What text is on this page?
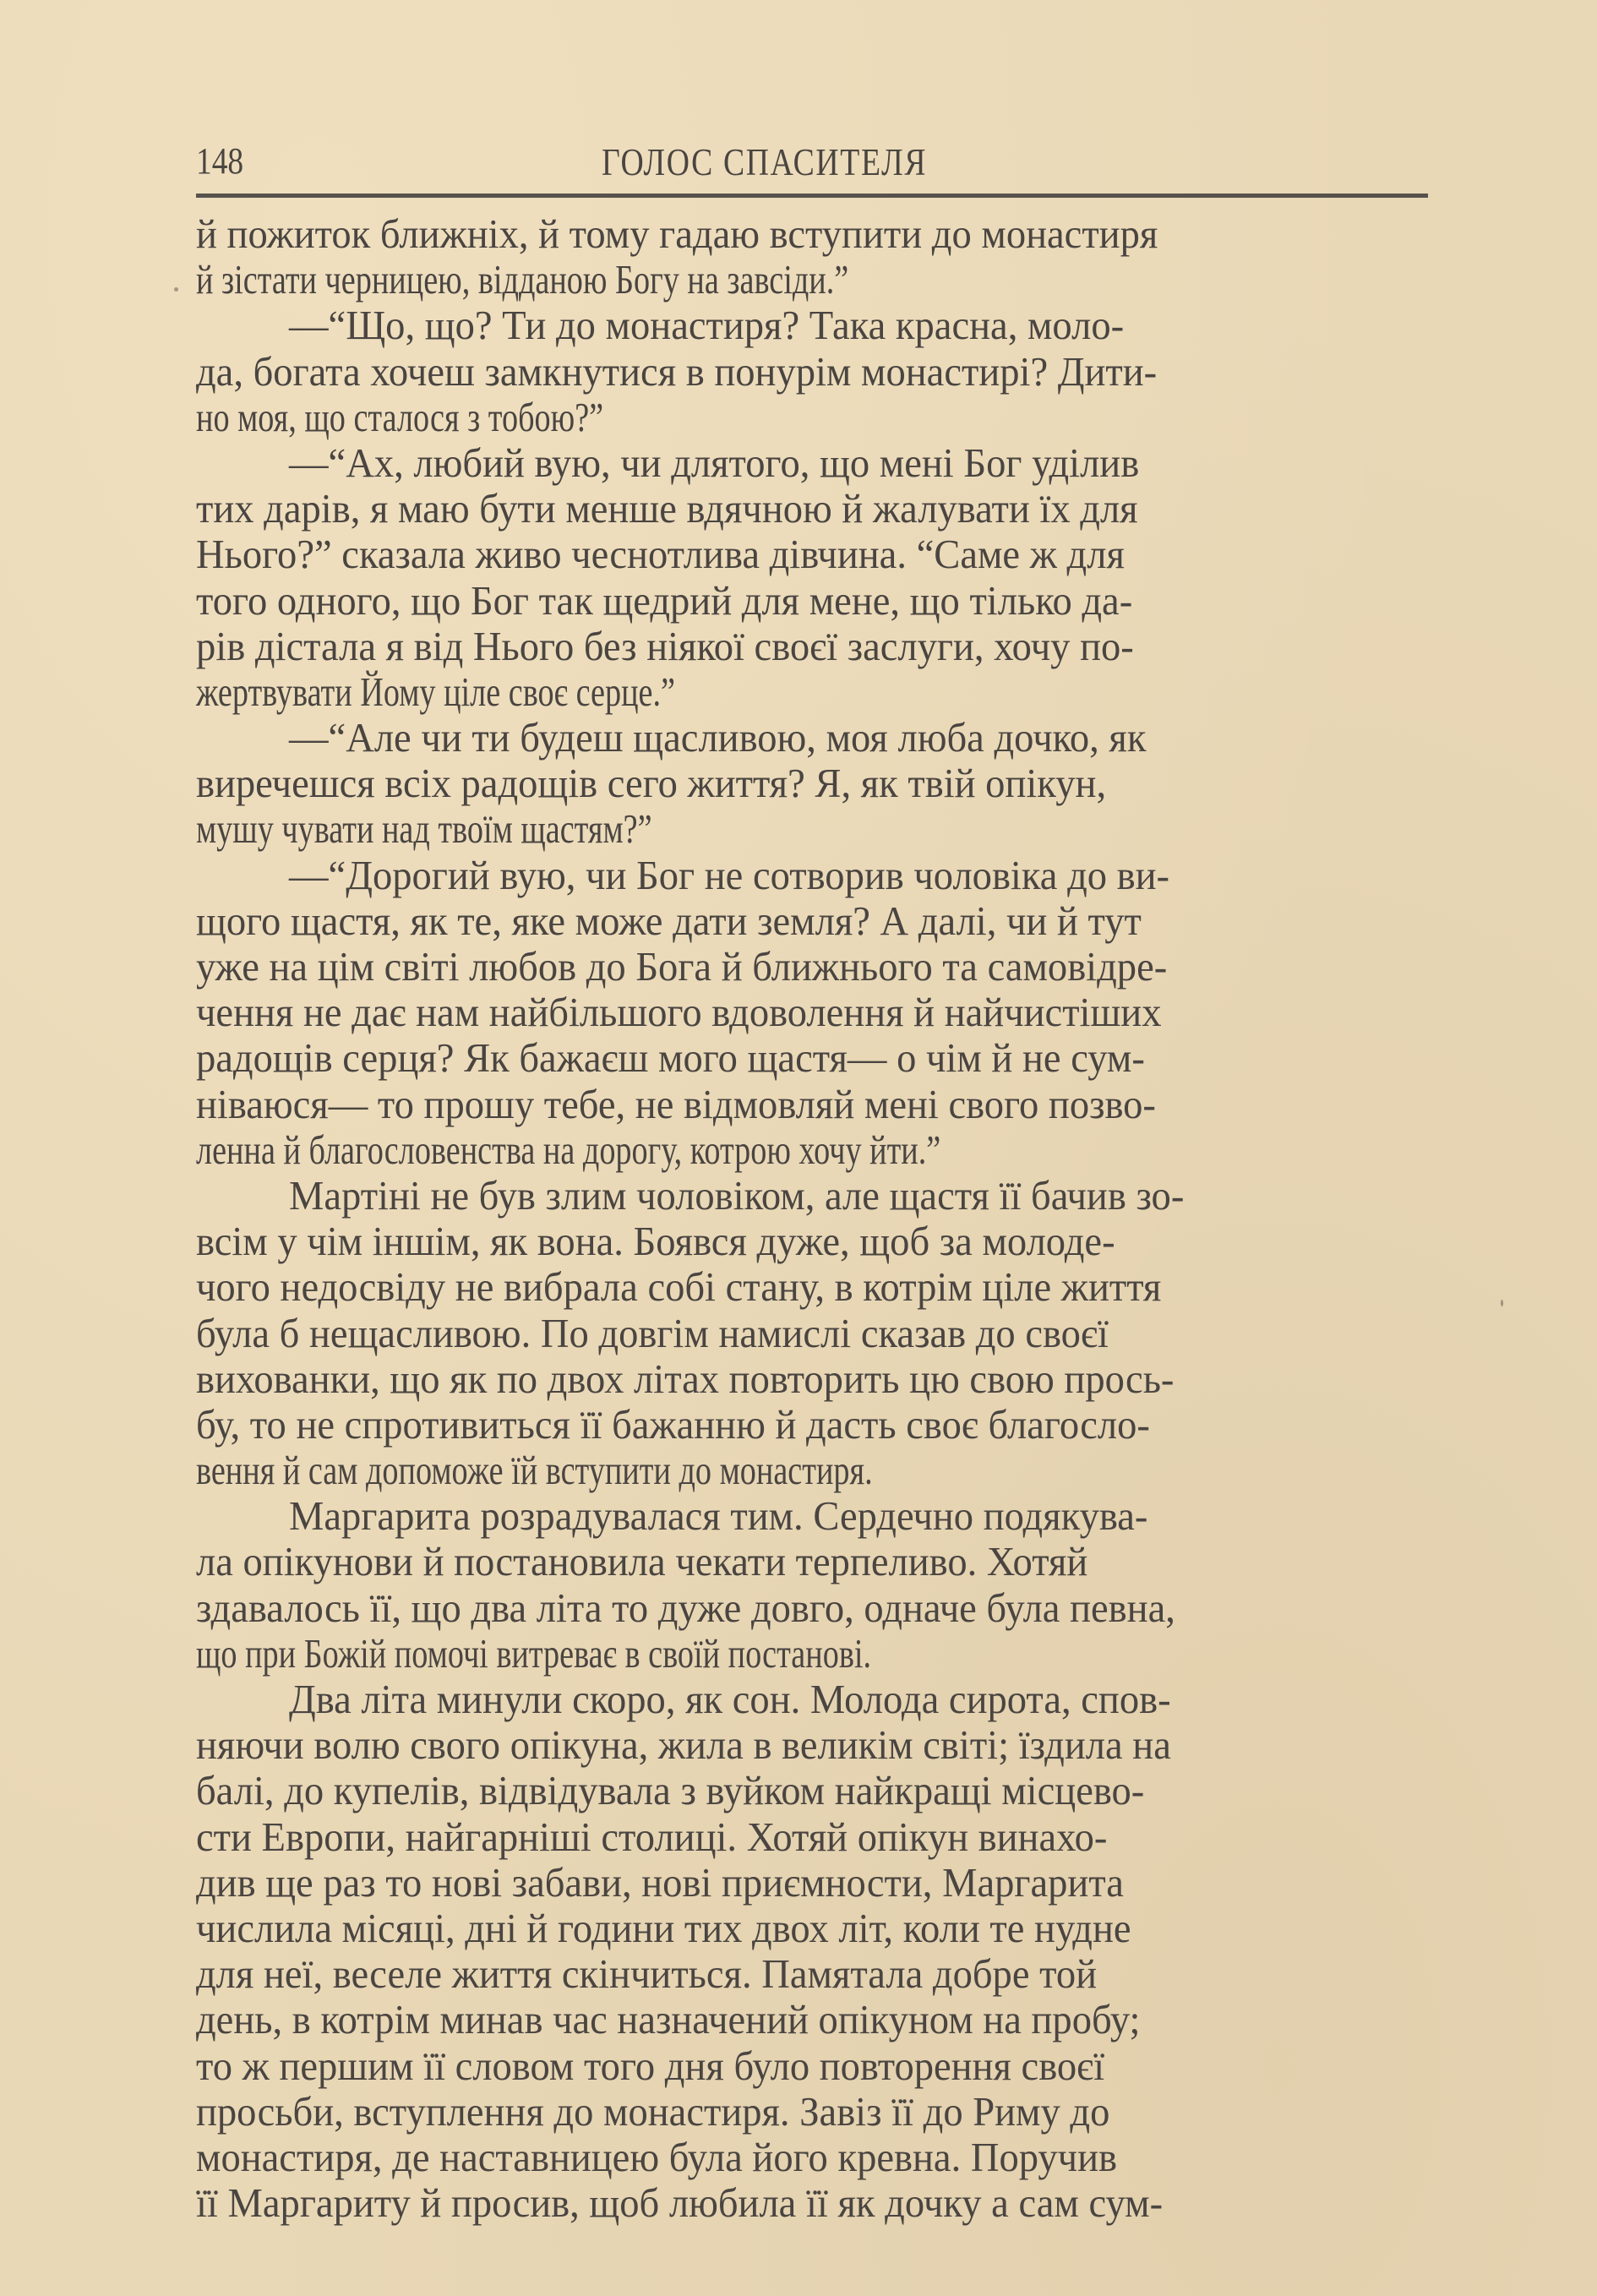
148	ГОЛОС СПАСИТЕЛЯ
й пожиток ближніх, й тому гадаю вступити до монастиря
й зістати черницею, відданою Богу на завсіди.”
—“Що, що? Ти до монастиря? Така красна, моло-
да, богата хочеш замкнутися в понурім монастирі? Дити-
но моя, що сталося з тобою?”
—“Ах, любий вую, чи длятого, що мені Бог уділив
тих дарів, я маю бути менше вдячною й жалувати їх для
Нього?” сказала живо чеснотлива дівчина. “Саме ж для
того одного, що Бог так щедрий для мене, що тілько да-
рів дістала я від Нього без ніякої своєї заслуги, хочу по-
жертвувати Йому ціле своє серце.”
—“Але чи ти будеш щасливою, моя люба дочко, як
виречешся всіх радощів сего життя? Я, як твій опікун,
мушу чувати над твоїм щастям?”
—“Дорогий вую, чи Бог не сотворив чоловіка до ви-
щого щастя, як те, яке може дати земля? А далі, чи й тут
уже на цім світі любов до Бога й ближнього та самовідре-
чення не дає нам найбільшого вдоволення й найчистіших
радощів серця? Як бажаєш мого щастя— о чім й не сум-
ніваюся— то прошу тебе, не відмовляй мені свого позво-
ленна й благословенства на дорогу, котрою хочу йти.”
Мартіні не був злим чоловіком, але щастя її бачив зо-
всім у чім іншім, як вона. Боявся дуже, щоб за молоде-
чого недосвіду не вибрала собі стану, в котрім ціле життя
була б нещасливою. По довгім намислі сказав до своєї
вихованки, що як по двох літах повторить цю свою прось-
бу, то не спротивиться її бажанню й дасть своє благосло-
вення й сам допоможе їй вступити до монастиря.
Маргарита розрадувалася тим. Сердечно подякува-
ла опікунови й постановила чекати терпеливо. Хотяй
здавалось її, що два літа то дуже довго, одначе була певна,
що при Божій помочі витреває в своїй постанові.
Два літа минули скоро, як сон. Молода сирота, спов-
няючи волю свого опікуна, жила в великім світі; їздила на
балі, до купелів, відвідувала з вуйком найкращі місцево-
сти Европи, найгарніші столиці. Хотяй опікун винахо-
див ще раз то нові забави, нові приємности, Маргарита
числила місяці, дні й години тих двох літ, коли те нудне
для неї, веселе життя скінчиться. Памятала добре той
день, в котрім минав час назначений опікуном на пробу;
то ж першим її словом того дня було повторення своєї
просьби, вступлення до монастиря. Завіз її до Риму до
монастиря, де наставницею була його кревна. Поручив
її Маргариту й просив, щоб любила її як дочку а сам сум-
